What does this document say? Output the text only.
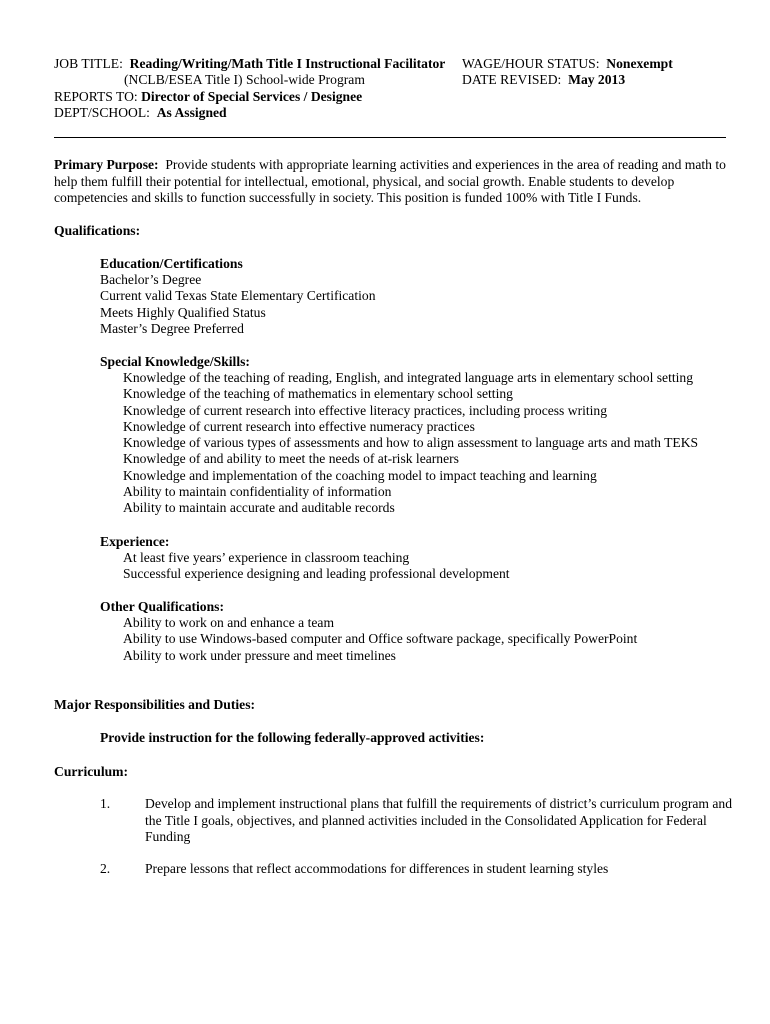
JOB TITLE: Reading/Writing/Math Title I Instructional Facilitator
(NCLB/ESEA Title I) School-wide Program
REPORTS TO: Director of Special Services / Designee
DEPT/SCHOOL: As Assigned
WAGE/HOUR STATUS: Nonexempt
DATE REVISED: May 2013
Primary Purpose: Provide students with appropriate learning activities and experiences in the area of reading and math to help them fulfill their potential for intellectual, emotional, physical, and social growth. Enable students to develop competencies and skills to function successfully in society. This position is funded 100% with Title I Funds.
Qualifications:
Education/Certifications
Bachelor’s Degree
Current valid Texas State Elementary Certification
Meets Highly Qualified Status
Master’s Degree Preferred
Special Knowledge/Skills:
Knowledge of the teaching of reading, English, and integrated language arts in elementary school setting
Knowledge of the teaching of mathematics in elementary school setting
Knowledge of current research into effective literacy practices, including process writing
Knowledge of current research into effective numeracy practices
Knowledge of various types of assessments and how to align assessment to language arts and math TEKS
Knowledge of and ability to meet the needs of at-risk learners
Knowledge and implementation of the coaching model to impact teaching and learning
Ability to maintain confidentiality of information
Ability to maintain accurate and auditable records
Experience:
At least five years’ experience in classroom teaching
Successful experience designing and leading professional development
Other Qualifications:
Ability to work on and enhance a team
Ability to use Windows-based computer and Office software package, specifically PowerPoint
Ability to work under pressure and meet timelines
Major Responsibilities and Duties:
Provide instruction for the following federally-approved activities:
Curriculum:
1.	Develop and implement instructional plans that fulfill the requirements of district’s curriculum program and the Title I goals, objectives, and planned activities included in the Consolidated Application for Federal Funding
2.	Prepare lessons that reflect accommodations for differences in student learning styles
